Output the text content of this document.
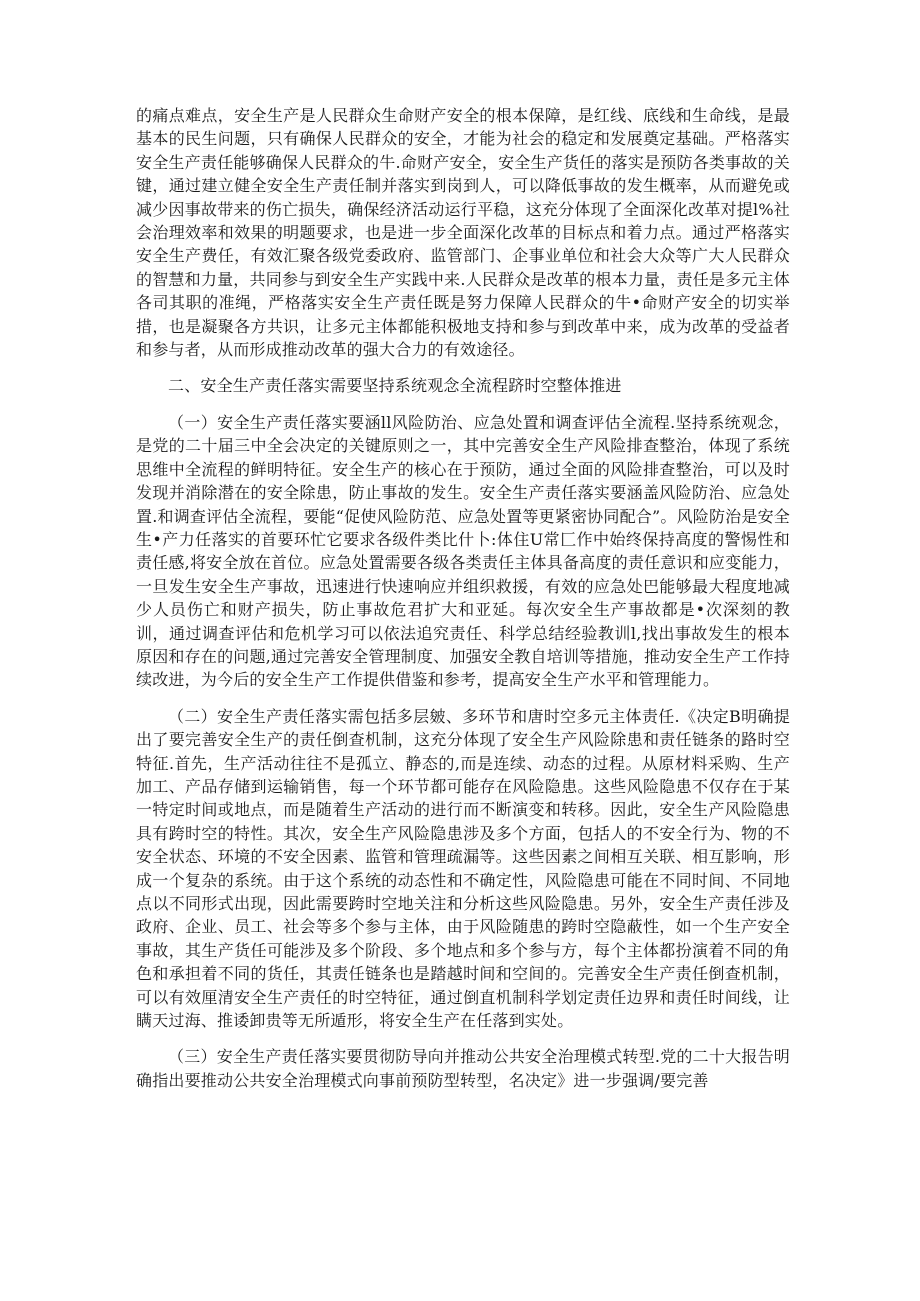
的痛点难点，安全生产是人民群众生命财产安全的根本保障，是红线、底线和生命线，是最基本的民生问题，只有确保人民群众的安全，才能为社会的稳定和发展奠定基础。严格落实安全生产责任能够确保人民群众的牛.命财产安全，安全生产货任的落实是预防各类事故的关键，通过建立健全安全生产责任制并落实到岗到人，可以降低事故的发生概率，从而避免或减少因事故带来的伤亡损失，确保经济活动运行平稳，这充分体现了全面深化改革对提l%社会治理效率和效果的明题要求，也是进一步全面深化改革的目标点和着力点。通过严格落实安全生产费任，有效汇聚各级党委政府、监管部门、企事业单位和社会大众等广大人民群众的智慧和力量，共同参与到安全生产实践中来.人民群众是改革的根本力量，责任是多元主体各司其职的准绳，严格落实安全生产责任既是努力保障人民群众的牛•命财产安全的切实举措，也是凝聚各方共识，让多元主体都能积极地支持和参与到改革中来，成为改革的受益者和参与者，从而形成推动改革的强大合力的有效途径。

二、安全生产责任落实需要坚持系统观念全流程跻时空整体推进

（一）安全生产责任落实要涵ll风险防治、应急处置和调查评估全流程.坚持系统观念，是党的二十届三中全会决定的关键原则之一，其中完善安全生产风险排查整治，体现了系统思维中全流程的鲜明特征。安全生产的核心在于预防，通过全面的风险排查整治，可以及时发现并消除潜在的安全除患，防止事故的发生。安全生产责任落实要涵盖风险防治、应急处置.和调查评估全流程，要能“促使风险防范、应急处置等更紧密协同配合”。风险防治是安全生•产力任落实的首要环忙它要求各级件类比什卜:体住U常匚作中始终保持高度的警惕性和责任感,将安全放在首位。应急处置需要各级各类责任主体具备高度的责任意识和应变能力，一旦发生安全生产事故，迅速进行快速响应并组织救援，有效的应急处巴能够最大程度地减少人员伤亡和财产损失，防止事故危君扩大和亚延。每次安全生产事故都是•次深刻的教训，通过调查评估和危机学习可以依法追究责任、科学总结经验教训l,找出事故发生的根本原因和存在的问题,通过完善安全管理制度、加强安全教自培训等措施，推动安全生产工作持续改进，为今后的安全生产工作提供借鉴和参考，提高安全生产水平和管理能力。

（二）安全生产责任落实需包括多层皴、多环节和唐时空多元主体责任.《决定B明确提出了要完善安全生产的责任倒查机制，这充分体现了安全生产风险除患和责任链条的路时空特征.首先，生产活动往往不是孤立、静态的,而是连续、动态的过程。从原材料采购、生产加工、产品存储到运输销售，每一个环节都可能存在风险隐患。这些风险隐患不仅存在于某一特定时间或地点，而是随着生产活动的进行而不断演变和转移。因此，安全生产风险隐患具有跨时空的特性。其次，安全生产风险隐患涉及多个方面，包括人的不安全行为、物的不安全状态、环境的不安全因素、监管和管理疏漏等。这些因素之间相互关联、相互影响，形成一个复杂的系统。由于这个系统的动态性和不确定性，风险隐患可能在不同时间、不同地点以不同形式出现，因此需要跨时空地关注和分析这些风险隐患。另外，安全生产责任涉及政府、企业、员工、社会等多个参与主体，由于风险随患的跨时空隐蔽性，如一个生产安全事故，其生产货任可能涉及多个阶段、多个地点和多个参与方，每个主体都扮演着不同的角色和承担着不同的货任，其责任链条也是踏越时间和空间的。完善安全生产责任倒查机制，可以有效厘清安全生产责任的时空特征，通过倒直机制科学划定责任边界和责任时间线，让瞒天过海、推诿卸贵等无所遁形，将安全生产在任落到实处。

（三）安全生产责任落实要贯彻防导向并推动公共安全治理模式转型.党的二十大报告明确指出要推动公共安全治理模式向事前预防型转型，名决定》进一步强调/要完善
